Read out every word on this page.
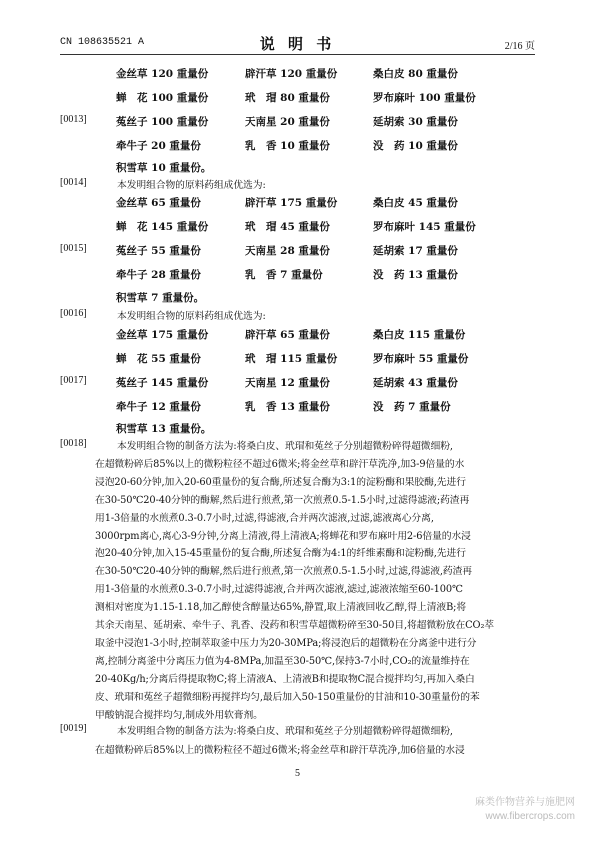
CN 108635521 A	说 明 书	2/16 页
金丝草 120 重量份	辟汗草 120 重量份	桑白皮 80 重量份
蝉　花 100 重量份	玳　瑁 80 重量份	罗布麻叶 100 重量份
[0013]	菟丝子 100 重量份	天南星 20 重量份	延胡索 30 重量份
牵牛子 20 重量份	乳　香 10 重量份	没　药 10 重量份
积雪草 10 重量份。
[0014]	本发明组合物的原料药组成优选为:
金丝草 65 重量份	辟汗草 175 重量份	桑白皮 45 重量份
蝉　花 145 重量份	玳　瑁 45 重量份	罗布麻叶 145 重量份
[0015]	菟丝子 55 重量份	天南星 28 重量份	延胡索 17 重量份
牵牛子 28 重量份	乳　香 7 重量份	没　药 13 重量份
积雪草 7 重量份。
[0016]	本发明组合物的原料药组成优选为:
金丝草 175 重量份	辟汗草 65 重量份	桑白皮 115 重量份
蝉　花 55 重量份	玳　瑁 115 重量份	罗布麻叶 55 重量份
[0017]	菟丝子 145 重量份	天南星 12 重量份	延胡索 43 重量份
牵牛子 12 重量份	乳　香 13 重量份	没　药 7 重量份
积雪草 13 重量份。
[0018]	本发明组合物的制备方法为:将桑白皮、玳瑁和菟丝子分别超微粉碎得超微细粉,
在超微粉碎后85%以上的微粉粒径不超过6微米;将金丝草和辟汗草洗净,加3-9倍量的水
浸泡20-60分钟,加入20-60重量份的复合酶,所述复合酶为3:1的淀粉酶和果胶酶,先进行
在30-50℃20-40分钟的酶解,然后进行煎煮,第一次煎煮0.5-1.5小时,过滤得滤液;药渣再
用1-3倍量的水煎煮0.3-0.7小时,过滤,得滤液,合并两次滤液,过滤,滤液离心分离,
3000rpm离心,离心3-9分钟,分离上清液,得上清液A;将蝉花和罗布麻叶用2-6倍量的水浸
泡20-40分钟,加入15-45重量份的复合酶,所述复合酶为4:1的纤维素酶和淀粉酶,先进行
在30-50℃20-40分钟的酶解,然后进行煎煮,第一次煎煮0.5-1.5小时,过滤,得滤液,药渣再
用1-3倍量的水煎煮0.3-0.7小时,过滤得滤液,合并两次滤液,滤过,滤液浓缩至60-100℃
测相对密度为1.15-1.18,加乙醇使含醇量达65%,静置,取上清液回收乙醇,得上清液B;将
其余天南星、延胡索、牵牛子、乳香、没药和积雪草超微粉碎至30-50目,将超微粉放在CO₂萃
取釜中浸泡1-3小时,控制萃取釜中压力为20-30MPa;将浸泡后的超微粉在分离釜中进行分
离,控制分离釜中分离压力值为4-8MPa,加温至30-50℃,保持3-7小时,CO₂的流量维持在
20-40Kg/h;分离后得提取物C;将上清液A、上清液B和提取物C混合搅拌均匀,再加入桑白
皮、玳瑁和菟丝子超微细粉再搅拌均匀,最后加入50-150重量份的甘油和10-30重量份的苯
[0019]	本发明组合物的制备方法为:将桑白皮、玳瑁和菟丝子分别超微粉碎得超微细粉,
在超微粉碎后85%以上的微粉粒径不超过6微米;将金丝草和辟汗草洗净,加6倍量的水浸
5
麻类作物营养与施肥网
www.fibercrops.com
甲酸钠混合搅拌均匀,制成外用软膏剂。
